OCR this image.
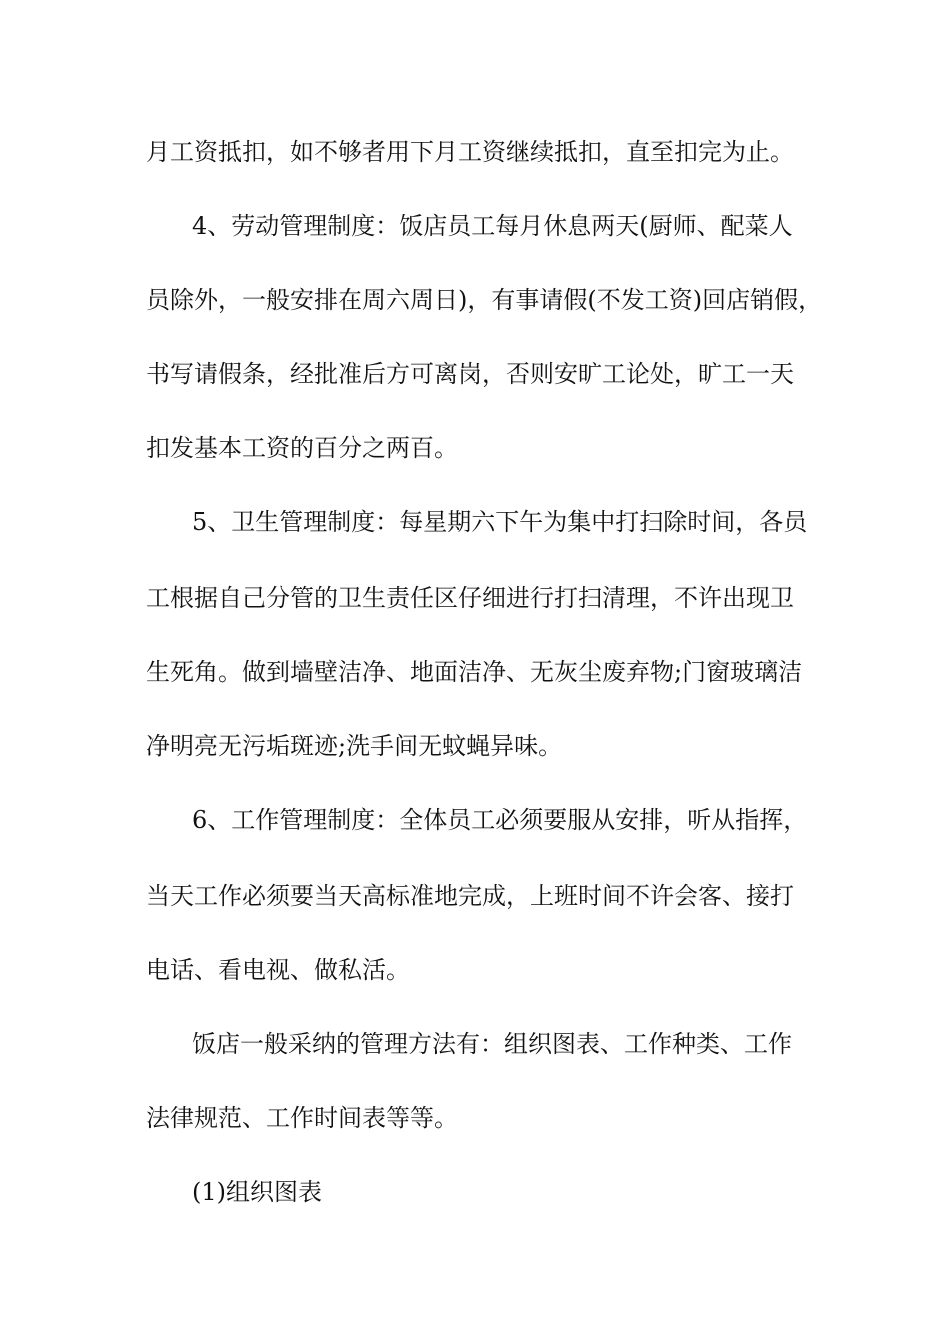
月工资抵扣，如不够者用下月工资继续抵扣，直至扣完为止。
4、劳动管理制度：饭店员工每月休息两天(厨师、配菜人
员除外，一般安排在周六周日)，有事请假(不发工资)回店销假，
书写请假条，经批准后方可离岗，否则安旷工论处，旷工一天
扣发基本工资的百分之两百。
5、卫生管理制度：每星期六下午为集中打扫除时间，各员
工根据自己分管的卫生责任区仔细进行打扫清理，不许出现卫
生死角。做到墙壁洁净、地面洁净、无灰尘废弃物;门窗玻璃洁
净明亮无污垢斑迹;洗手间无蚊蝇异味。
6、工作管理制度：全体员工必须要服从安排，听从指挥，
当天工作必须要当天高标准地完成，上班时间不许会客、接打
电话、看电视、做私活。
饭店一般采纳的管理方法有：组织图表、工作种类、工作
法律规范、工作时间表等等。
(1)组织图表
